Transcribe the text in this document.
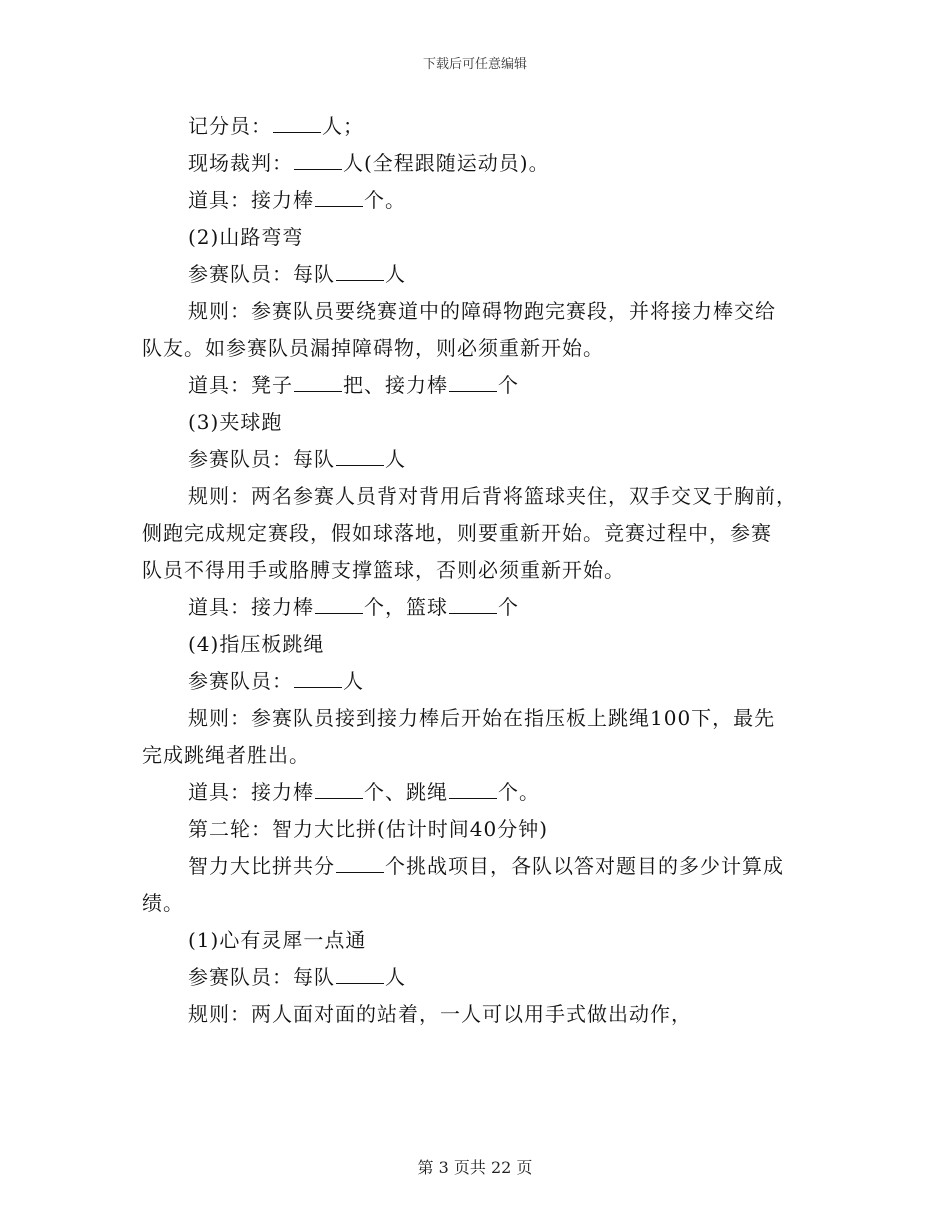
下载后可任意编辑
记分员：	人；
现场裁判：	人(全程跟随运动员)。
道具：接力棒	个。
(2)山路弯弯
参赛队员：每队	人
规则：参赛队员要绕赛道中的障碍物跑完赛段，并将接力棒交给
队友。如参赛队员漏掉障碍物，则必须重新开始。
道具：凳子	把、接力棒	个
(3)夹球跑
参赛队员：每队	人
规则：两名参赛人员背对背用后背将篮球夹住，双手交叉于胸前，
侧跑完成规定赛段，假如球落地，则要重新开始。竞赛过程中，参赛
队员不得用手或胳膊支撑篮球，否则必须重新开始。
道具：接力棒	个，篮球	个
(4)指压板跳绳
参赛队员：	人
规则：参赛队员接到接力棒后开始在指压板上跳绳100下，最先
完成跳绳者胜出。
道具：接力棒	个、跳绳	个。
第二轮：智力大比拼(估计时间40分钟)
智力大比拼共分	个挑战项目，各队以答对题目的多少计算成
绩。
(1)心有灵犀一点通
参赛队员：每队	人
规则：两人面对面的站着，一人可以用手式做出动作，
第 3 页共 22 页
